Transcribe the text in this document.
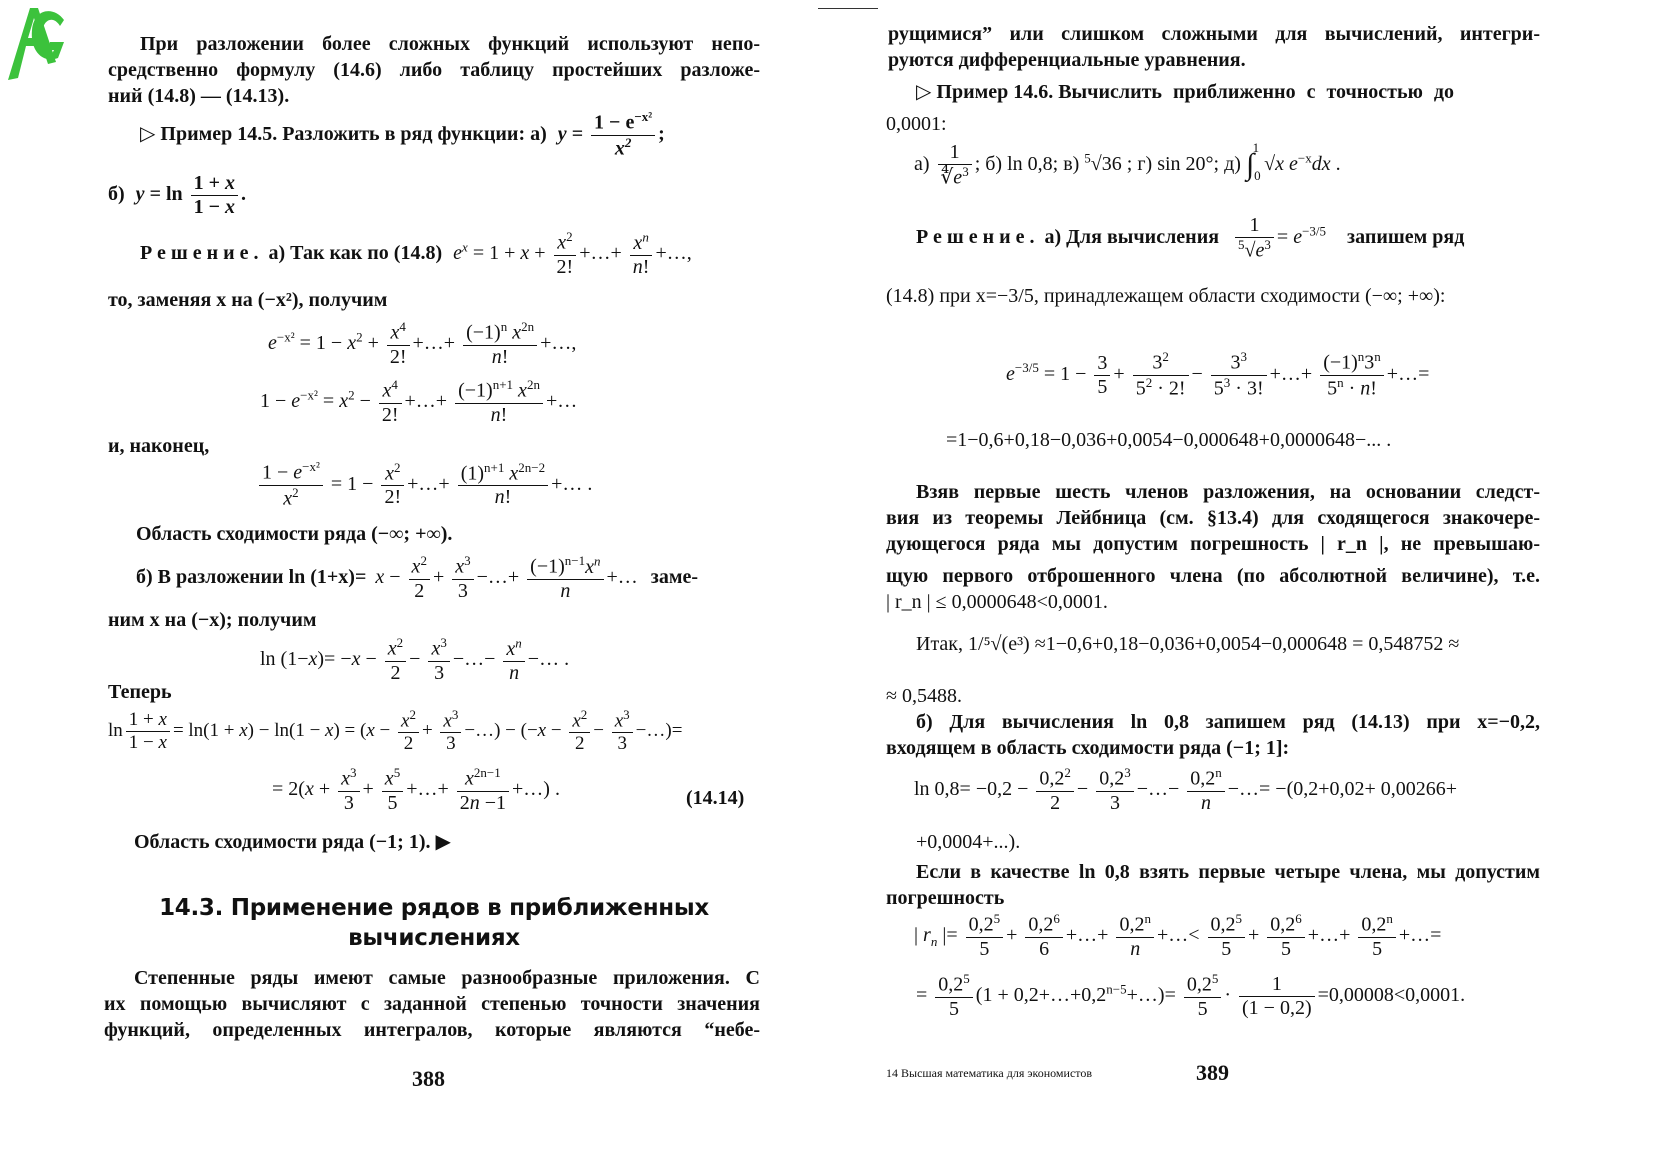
При разложении более сложных функций используют непо-

средственно формулу (14.6) либо таблицу простейших разложе-

ний (14.8) — (14.13).

▷ Пример 14.5. Разложить в ряд функции: а) $y = \frac{1 - e^{-x^2}}{x^2}$ ;
б) $y = \ln \frac{1 + x}{1 - x}$ .
Решение. а) Так как по (14.8) $e^x = 1 + x + \frac{x^2}{2!}$ +…+ $\frac{x^n}{n!}$ +…,

то, заменяя x на (−x²), получим

$e^{-x^2} = 1 - x^2 + \frac{x^4}{2!}$ +…+ $\frac{(-1)^n x^{2n}}{n!}$ +…,
$1 - e^{-x^2} = x^2 - \frac{x^4}{2!}$ +…+ $\frac{(-1)^{n+1} x^{2n}}{n!}$ +…

и, наконец,

$\frac{1 - e^{-x^2}}{x^2} = 1 - \frac{x^2}{2!}$ +…+ $\frac{(1)^{n+1} x^{2n-2}}{n!}$ +… .

Область сходимости ряда (−∞; +∞).

б) В разложении $\ln (1+x)= x - \frac{x^2}{2} + \frac{x^3}{3}$ −…+ $\frac{(-1)^{n-1}x^n}{n}$ +… заме-

ним x на (−x); получим

$\ln (1-x)= -x - \frac{x^2}{2} - \frac{x^3}{3}$ −…− $\frac{x^n}{n}$ −… .

Теперь

$\ln \frac{1 + x}{1 - x} = \ln(1 + x) - \ln(1 - x) = (x - \frac{x^2}{2} + \frac{x^3}{3}$ −…) − ($-x - \frac{x^2}{2} - \frac{x^3}{3}$ −…)=
= $2(x + \frac{x^3}{3} + \frac{x^5}{5}$ +…+ $\frac{x^{2n-1}}{2n -1}$ +…) .	(14.14)

Область сходимости ряда (−1; 1). ▶

14.3. Применение рядов в приближенных

вычислениях

Степенные ряды имеют самые разнообразные приложения. С

их помощью вычисляют с заданной степенью точности значения

функций, определенных интегралов, которые являются “небе-

388

рущимися” или слишком сложными для вычислений, интегри-

руются дифференциальные уравнения.

▷ Пример 14.6. Вычислить приближенно с точностью до

0,0001:

$а) \frac{1}{∜e^3}$ ; б) ln 0,8; в) $^5$√36 ; г) sin 20°; д) $\int_0^1$ √x $e^{-x}dx$ .
Решение. а) Для вычисления $\frac{1}{^5√e^3} = e^{-3/5}$ запишем ряд
(14.8) при x=−3/5, принадлежащем области сходимости (−∞; +∞):
$e^{-3/5} = 1 - \frac{3}{5} + \frac{3^2}{5^2 \cdot 2!} - \frac{3^3}{5^3 \cdot 3!}$ +…+ $\frac{(-1)^n3^n}{5^n \cdot n!}$ +…=

=1−0,6+0,18−0,036+0,0054−0,000648+0,0000648−... .

Взяв первые шесть членов разложения, на основании следст-

вия из теоремы Лейбница (см. §13.4) для сходящегося знакочере-

дующегося ряда мы допустим погрешность | r_n |, не превышаю-

щую первого отброшенного члена (по абсолютной величине), т.е.

| r_n | ≤ 0,0000648<0,0001.

Итак, 1/⁵√(e³) ≈1−0,6+0,18−0,036+0,0054−0,000648 = 0,548752 ≈

≈ 0,5488.

б) Для вычисления ln 0,8 запишем ряд (14.13) при x=−0,2,

входящем в область сходимости ряда (−1; 1]:

$\ln 0,8= -0,2 - \frac{0,2^2}{2} - \frac{0,2^3}{3}$ −…− $\frac{0,2^n}{n}$ −…= −(0,2+0,02+ 0,00266+

+0,0004+...).

Если в качестве ln 0,8 взять первые четыре члена, мы допустим

погрешность

| $r_n$ |= $\frac{0,2^5}{5} + \frac{0,2^6}{6}$ +…+ $\frac{0,2^n}{n}$ +…< $\frac{0,2^5}{5} + \frac{0,2^6}{5}$ +…+ $\frac{0,2^n}{5}$ +…=
= $\frac{0,2^5}{5} (1$ + $0,2+\dots+0,2^{n-5}+\dots)= \frac{0,2^5}{5} \cdot \frac{1}{(1 - 0,2)} =0,00008<0,0001$.

14 Высшая математика для экономистов	389
